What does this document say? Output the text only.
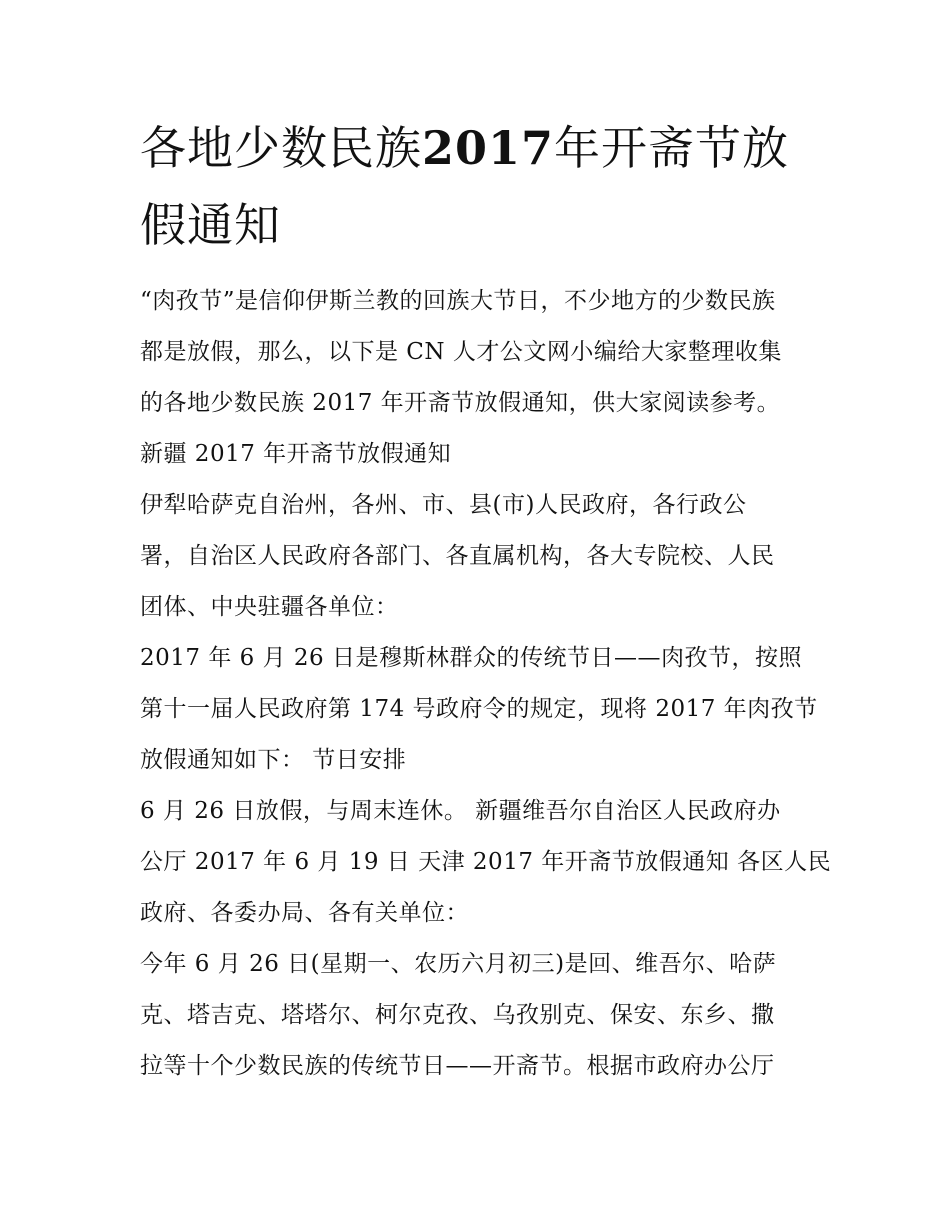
各地少数民族2017年开斋节放
假通知

“肉孜节”是信仰伊斯兰教的回族大节日，不少地方的少数民族

都是放假，那么，以下是 CN 人才公文网小编给大家整理收集

的各地少数民族 2017 年开斋节放假通知，供大家阅读参考。

新疆 2017 年开斋节放假通知

伊犁哈萨克自治州，各州、市、县(市)人民政府，各行政公

署，自治区人民政府各部门、各直属机构，各大专院校、人民

团体、中央驻疆各单位：

2017 年 6 月 26 日是穆斯林群众的传统节日——肉孜节，按照

第十一届人民政府第 174 号政府令的规定，现将 2017 年肉孜节

放假通知如下： 节日安排

6 月 26 日放假，与周末连休。 新疆维吾尔自治区人民政府办

公厅 2017 年 6 月 19 日 天津 2017 年开斋节放假通知 各区人民

政府、各委办局、各有关单位：

今年 6 月 26 日(星期一、农历六月初三)是回、维吾尔、哈萨

克、塔吉克、塔塔尔、柯尔克孜、乌孜别克、保安、东乡、撒

拉等十个少数民族的传统节日——开斋节。根据市政府办公厅
